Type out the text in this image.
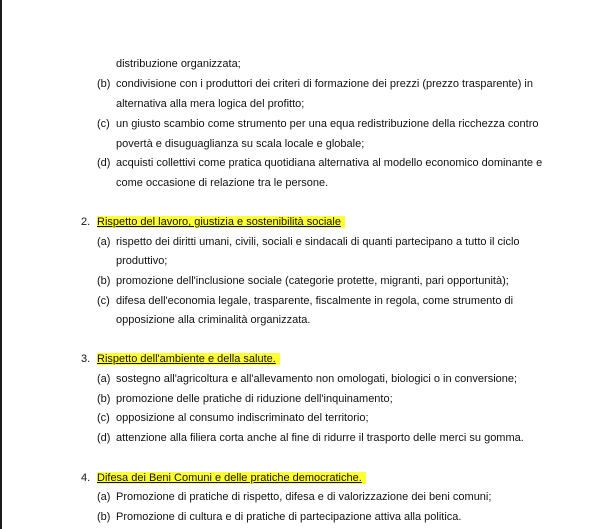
distribuzione organizzata;
(b) condivisione con i produttori dei criteri di formazione dei prezzi (prezzo trasparente) in
alternativa alla mera logica del profitto;
(c) un giusto scambio come strumento per una equa redistribuzione della ricchezza contro
povertà e disuguaglianza su scala locale e globale;
(d) acquisti collettivi come pratica quotidiana alternativa al modello economico dominante e
come occasione di relazione tra le persone.
2. Rispetto del lavoro, giustizia e sostenibilità sociale
(a) rispetto dei diritti umani, civili, sociali e sindacali di quanti partecipano a tutto il ciclo
produttivo;
(b) promozione dell'inclusione sociale (categorie protette, migranti, pari opportunità);
(c) difesa dell'economia legale, trasparente, fiscalmente in regola, come strumento di
opposizione alla criminalità organizzata.
3. Rispetto dell'ambiente e della salute.
(a) sostegno all'agricoltura e all'allevamento non omologati, biologici o in conversione;
(b) promozione delle pratiche di riduzione dell'inquinamento;
(c) opposizione al consumo indiscriminato del territorio;
(d) attenzione alla filiera corta anche al fine di ridurre il trasporto delle merci su gomma.
4. Difesa dei Beni Comuni e delle pratiche democratiche.
(a) Promozione di pratiche di rispetto, difesa e di valorizzazione dei beni comuni;
(b) Promozione di cultura e di pratiche di partecipazione attiva alla politica.
